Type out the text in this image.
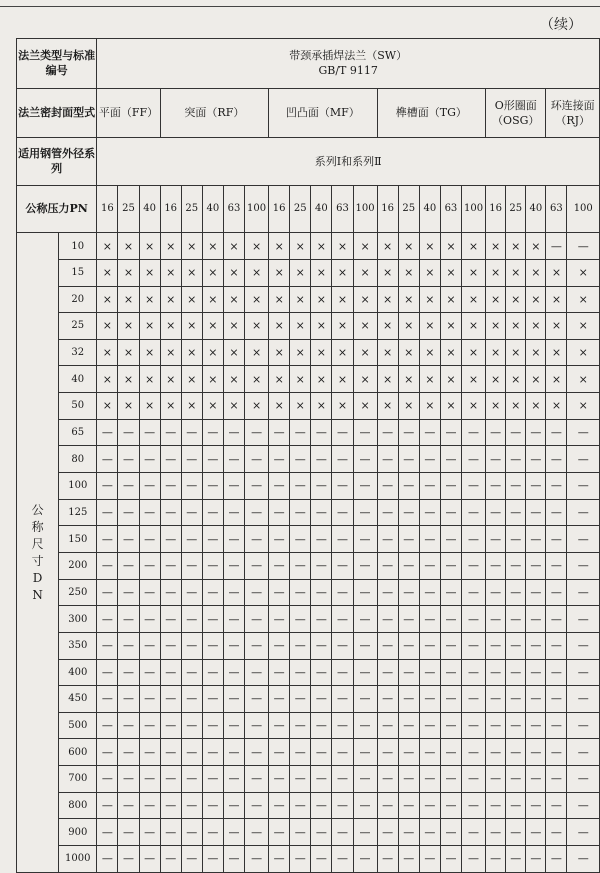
（续）
法兰类型与标准编号		带颈承插焊法兰（SW）
GB/T 9117																						

法兰密封面型式		平面（FF）			突面（RF）					凹凸面（MF）					榫槽面（TG）					O形圈面（OSG）			环连接面（RJ）	
适用钢管外径系列		系列Ⅰ和系列Ⅱ																						
公称压力PN		16	25	40	16	25	40	63	100	16	25	40	63	100	16	25	40	63	100	16	25	40	63	100

公称尺寸DN	10	×	×	×	×	×	×	×	×	×	×	×	×	×	×	×	×	×	×	×	×	×	—	—
	15	×	×	×	×	×	×	×	×	×	×	×	×	×	×	×	×	×	×	×	×	×	×	×
	20	×	×	×	×	×	×	×	×	×	×	×	×	×	×	×	×	×	×	×	×	×	×	×
	25	×	×	×	×	×	×	×	×	×	×	×	×	×	×	×	×	×	×	×	×	×	×	×
	32	×	×	×	×	×	×	×	×	×	×	×	×	×	×	×	×	×	×	×	×	×	×	×
	40	×	×	×	×	×	×	×	×	×	×	×	×	×	×	×	×	×	×	×	×	×	×	×
	50	×	×	×	×	×	×	×	×	×	×	×	×	×	×	×	×	×	×	×	×	×	×	×
	65	—	—	—	—	—	—	—	—	—	—	—	—	—	—	—	—	—	—	—	—	—	—	—
	80	—	—	—	—	—	—	—	—	—	—	—	—	—	—	—	—	—	—	—	—	—	—	—
	100	—	—	—	—	—	—	—	—	—	—	—	—	—	—	—	—	—	—	—	—	—	—	—
	125	—	—	—	—	—	—	—	—	—	—	—	—	—	—	—	—	—	—	—	—	—	—	—
	150	—	—	—	—	—	—	—	—	—	—	—	—	—	—	—	—	—	—	—	—	—	—	—
	200	—	—	—	—	—	—	—	—	—	—	—	—	—	—	—	—	—	—	—	—	—	—	—
	250	—	—	—	—	—	—	—	—	—	—	—	—	—	—	—	—	—	—	—	—	—	—	—
	300	—	—	—	—	—	—	—	—	—	—	—	—	—	—	—	—	—	—	—	—	—	—	—
	350	—	—	—	—	—	—	—	—	—	—	—	—	—	—	—	—	—	—	—	—	—	—	—
	400	—	—	—	—	—	—	—	—	—	—	—	—	—	—	—	—	—	—	—	—	—	—	—
	450	—	—	—	—	—	—	—	—	—	—	—	—	—	—	—	—	—	—	—	—	—	—	—
	500	—	—	—	—	—	—	—	—	—	—	—	—	—	—	—	—	—	—	—	—	—	—	—
	600	—	—	—	—	—	—	—	—	—	—	—	—	—	—	—	—	—	—	—	—	—	—	—
	700	—	—	—	—	—	—	—	—	—	—	—	—	—	—	—	—	—	—	—	—	—	—	—
	800	—	—	—	—	—	—	—	—	—	—	—	—	—	—	—	—	—	—	—	—	—	—	—
	900	—	—	—	—	—	—	—	—	—	—	—	—	—	—	—	—	—	—	—	—	—	—	—
	1000	—	—	—	—	—	—	—	—	—	—	—	—	—	—	—	—	—	—	—	—	—	—	—
